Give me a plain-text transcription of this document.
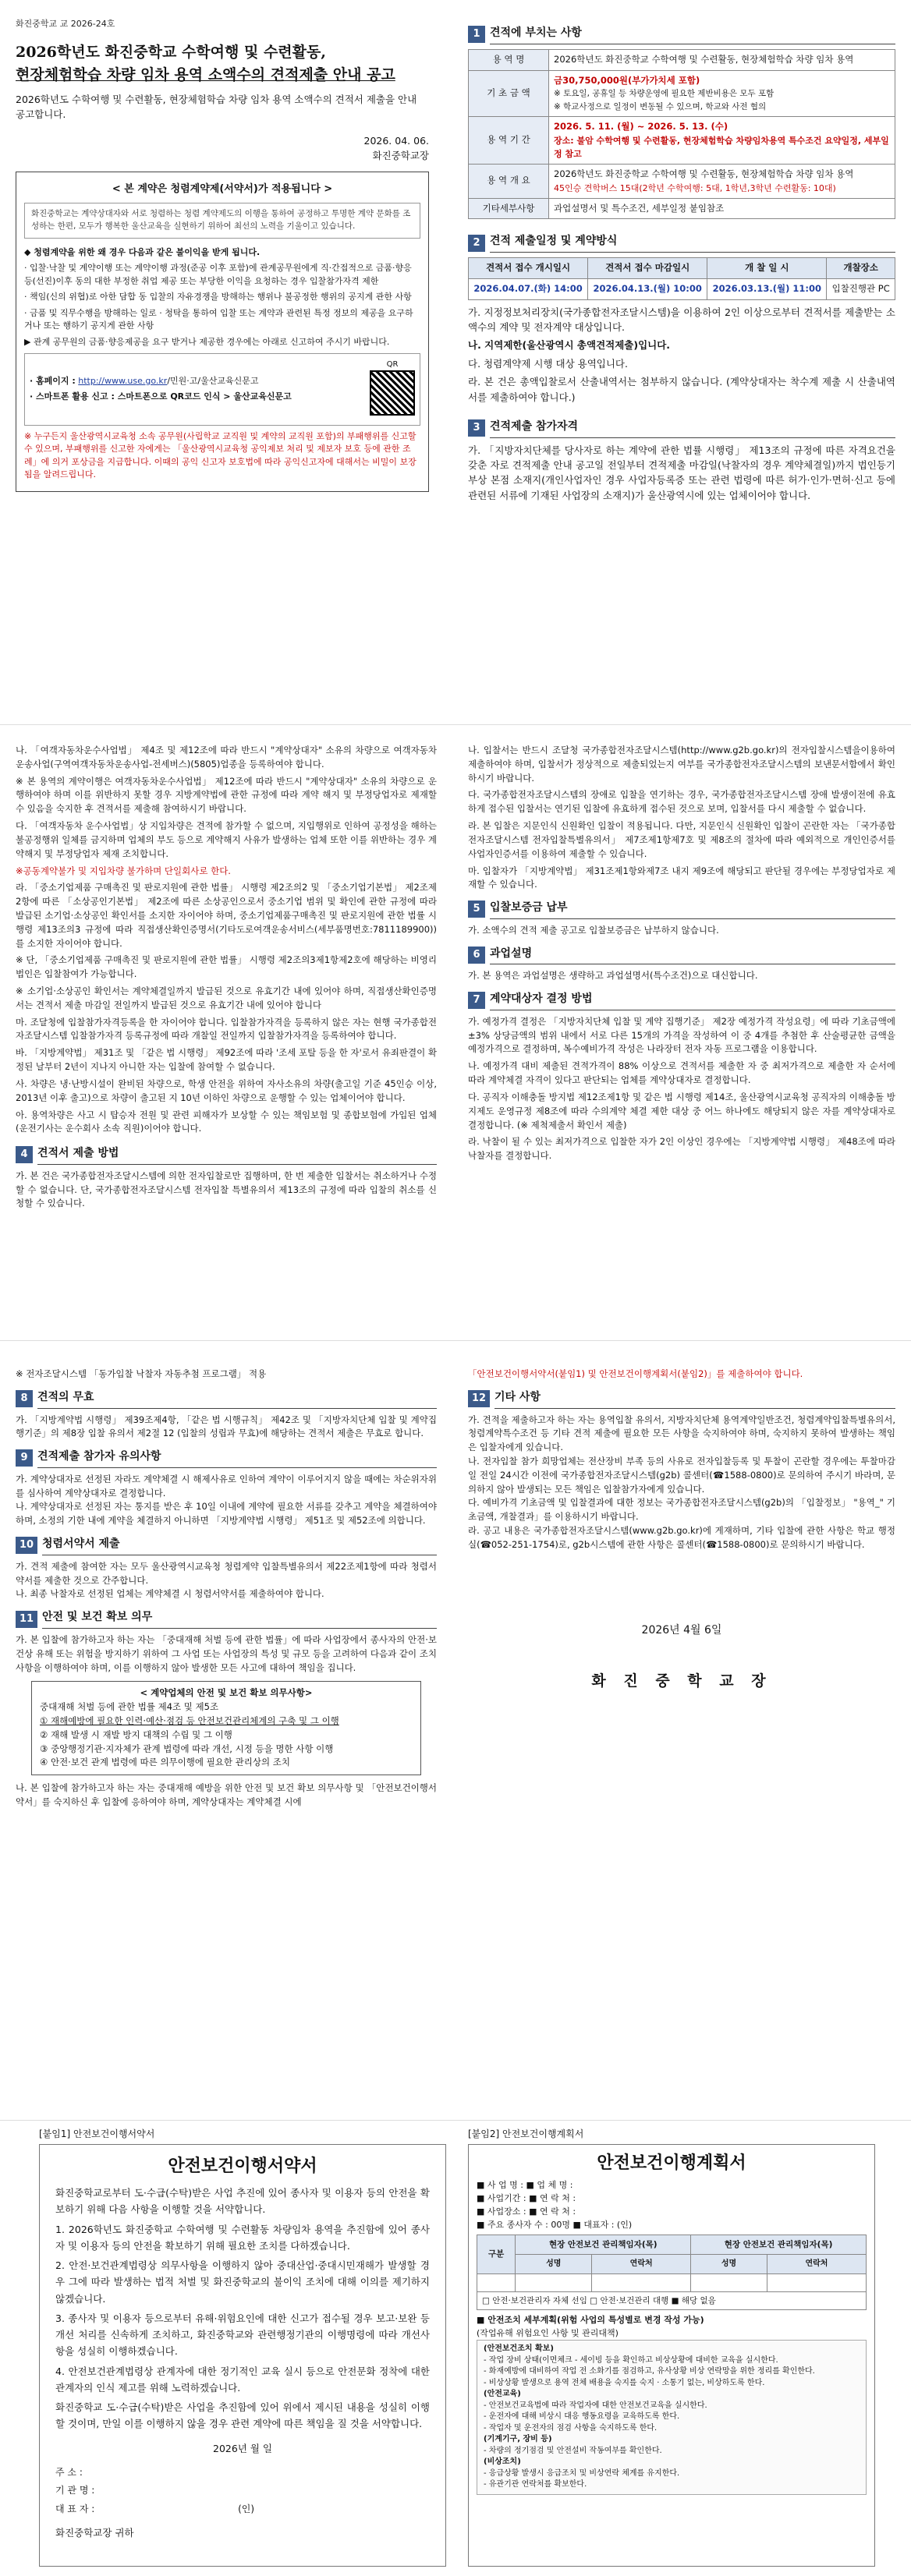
화진중학교 교 2026-24호
2026학년도 화진중학교 수학여행 및 수련활동,
현장체험학습 차량 임차 용역 소액수의 견적제출 안내 공고
2026학년도 수학여행 및 수련활동, 현장체험학습 차량 임차 용역 소액수의 견적서 제출을 안내 공고합니다.
2026. 04. 06.
화진중학교장
< 본 계약은 청렴계약제(서약서)가 적용됩니다 >
화진중학교는 계약상대자와 서로 청렴하는 청렴 계약제도의 이행을 통하여 공정하고 투명한 계약 문화를 조성하는 한편, 모두가 행복한 울산교육을 실현하기 위하여 최선의 노력을 기울이고 있습니다.
◆ 청렴계약을 위한 왜 경우 다음과 같은 불이익을 받게 됩니다.
· 입찰·낙찰 및 계약이행 또는 계약이행 과정(준공 이후 포함)에 관계공무원에게 직·간접적으로 금품·향응 등(선진)이후 동의 대한 부정한 취업 제공 또는 부당한 이익을 요청하는 경우 입찰참가자격 제한
· 책임(신의 위협)로 아한 담합 동 입찰의 자유경쟁을 방해하는 행위나 불공정한 행위의 공지게 관한 사항
· 금품 및 직무수행을 방해하는 일로 · 청탁을 통하여 입찰 또는 계약과 관련된 특정 정보의 제공을 요구하거나 또는 행하기 공지게 관한 사항
▶ 관계 공무원의 금품·향응제공을 요구 받거나 제공한 경우에는 아래로 신고하여 주시기 바랍니다.
· 홈페이지 : http://www.use.go.kr/민원·고/울산교육신문고
· 스마트폰 활용 신고 : 스마트폰으로 QR코드 인식 > 울산교육신문고
QR
※ 누구든지 울산광역시교육청 소속 공무원(사립학교 교직원 및 계약의 교직원 포함)의 부패행위를 신고할 수 있으며, 부패행위를 신고한 자에게는 「울산광역시교육청 공익제보 처리 및 제보자 보호 등에 관한 조례」에 의거 포상금을 지급합니다. 이때의 공익 신고자 보호법에 따라 공익신고자에 대해서는 비밀이 보장됨을 알려드립니다.
1 견적에 부치는 사항
용 역 명	2026학년도 화진중학교 수학여행 및 수련활동, 현장체험학습 차량 임차 용역
기 초 금 액	금30,750,000원(부가가치세 포함)
※ 토요일, 공휴일 등 차량운영에 필요한 제반비용은 모두 포함
※ 학교사정으로 일정이 변동될 수 있으며, 학교와 사전 협의

용 역 기 간	2026. 5. 11. (월) ~ 2026. 5. 13. (수)
장소: 불암 수학여행 및 수련활동, 현장체험학습 차량임차용역 특수조건 요약일정, 세부일정 참고

용 역 개 요	2026학년도 화진중학교 수학여행 및 수련활동, 현장체험학습 차량 임차 용역
45인승 견학버스 15대(2학년 수학여행: 5대, 1학년,3학년 수련활동: 10대)

기타세부사항	과업설명서 및 특수조건, 세부일정 붙임참조
2 견적 제출일정 및 계약방식
견적서 접수 개시일시	견적서 접수 마감일시	개 찰 일 시	개찰장소
2026.04.07.(화) 14:00	2026.04.13.(월) 10:00	2026.03.13.(월) 11:00	입찰진행관 PC
가. 지정정보처리장치(국가종합전자조달시스템)을 이용하여 2인 이상으로부터 견적서를 제출받는 소액수의 계약 및 전자계약 대상입니다.
나. 지역제한(울산광역시 총액견적제출)입니다.
다. 청렴계약제 시행 대상 용역입니다.
라. 본 건은 총액입찰로서 산출내역서는 첨부하지 않습니다. (계약상대자는 착수계 제출 시 산출내역서를 제출하여야 합니다.)
3 견적제출 참가자격
가. 「지방자치단체를 당사자로 하는 계약에 관한 법률 시행령」 제13조의 규정에 따른 자격요건을 갖춘 자로 견적제출 안내 공고일 전일부터 견적제출 마감일(낙찰자의 경우 계약체결일)까지 법인등기부상 본점 소재지(개인사업자인 경우 사업자등록증 또는 관련 법령에 따른 허가·인가·면허·신고 등에 관련된 서류에 기재된 사업장의 소재지)가 울산광역시에 있는 업체이어야 합니다.
나. 「여객자동차운수사업법」 제4조 및 제12조에 따라 반드시 "계약상대자" 소유의 차량으로 여객자동차운송사업(구역여객자동차운송사업-전세버스)(5805)업종을 등록하여야 합니다.
※ 본 용역의 계약이행은 여객자동차운수사업법」 제12조에 따라 반드시 "계약상대자" 소유의 차량으로 운행하여야 하며 이를 위반하지 못할 경우 지방계약법에 관한 규정에 따라 계약 해지 및 부정당업자로 제재할 수 있음을 숙지한 후 견적서를 제출해 참여하시기 바랍니다.
다. 「여객자동차 운수사업법」상 지입차량은 견적에 참가할 수 없으며, 지입행위로 인하여 공정성을 해하는 불공정행위 일체를 금지하며 업체의 부도 등으로 계약해지 사유가 발생하는 업체 또한 이를 위반하는 경우 계약해지 및 부정당업자 제재 조치합니다.
※공동계약불가 및 지입차량 불가하며 단일회사로 한다.
라. 「중소기업제품 구매촉진 및 판로지원에 관한 법률」 시행령 제2조의2 및 「중소기업기본법」 제2조제2항에 따른 「소상공인기본법」 제2조에 따른 소상공인으로서 중소기업 범위 및 확인에 관한 규정에 따라 발급된 소기업·소상공인 확인서를 소지한 자이어야 하며, 중소기업제품구매촉진 및 판로지원에 관한 법률 시행령 제13조의3 규정에 따라 직접생산확인증명서(기타도로여객운송서비스(세부품명번호:7811189900))를 소지한 자이어야 합니다.
※ 단, 「중소기업제품 구매촉진 및 판로지원에 관한 법률」 시행령 제2조의3제1항제2호에 해당하는 비영리법인은 입찰참여가 가능합니다.
※ 소기업·소상공인 확인서는 계약체결일까지 발급된 것으로 유효기간 내에 있어야 하며, 직접생산확인증명서는 견적서 제출 마감일 전일까지 발급된 것으로 유효기간 내에 있어야 합니다
마. 조달청에 입찰참가자격등록을 한 자이어야 합니다. 입찰참가자격을 등록하지 않은 자는 현행 국가종합전자조달시스템 입찰참가자격 등록규정에 따라 개찰일 전일까지 입찰참가자격을 등록하여야 합니다.
바. 「지방계약법」 제31조 및 「같은 법 시행령」 제92조에 따라 '조세 포탈 등을 한 자'로서 유죄판결이 확정된 날부터 2년이 지나지 아니한 자는 입찰에 참여할 수 없습니다.
사. 차량은 냉·난방시설이 완비된 차량으로, 학생 안전을 위하여 자사소유의 차량(출고일 기준 45인승 이상, 2013년 이후 출고)으로 차량이 출고된 지 10년 이하인 차량으로 운행할 수 있는 업체이어야 합니다.
아. 용역차량은 사고 시 탑승자 전원 및 관련 피해자가 보상할 수 있는 책임보험 및 종합보험에 가입된 업체(운전기사는 운수회사 소속 직원)이어야 합니다.
4 견적서 제출 방법
가. 본 건은 국가종합전자조달시스템에 의한 전자입찰로만 집행하며, 한 번 제출한 입찰서는 취소하거나 수정할 수 없습니다. 단, 국가종합전자조달시스템 전자입찰 특별유의서 제13조의 규정에 따라 입찰의 취소를 신청할 수 있습니다.
나. 입찰서는 반드시 조달청 국가종합전자조달시스템(http://www.g2b.go.kr)의 전자입찰시스템을이용하여 제출하여야 하며, 입찰서가 정상적으로 제출되었는지 여부를 국가종합전자조달시스템의 보낸문서함에서 확인하시기 바랍니다.
다. 국가종합전자조달시스템의 장애로 입찰을 연기하는 경우, 국가종합전자조달시스템 장애 발생이전에 유효하게 접수된 입찰서는 연기된 입찰에 유효하게 접수된 것으로 보며, 입찰서를 다시 제출할 수 없습니다.
라. 본 입찰은 지문인식 신원확인 입찰이 적용됩니다. 다만, 지문인식 신원확인 입찰이 곤란한 자는 「국가종합전자조달시스템 전자입찰특별유의서」 제7조제1항제7호 및 제8조의 절차에 따라 예외적으로 개인인증서를 사업자인증서를 이용하여 제출할 수 있습니다.
마. 입찰자가 「지방계약법」 제31조제1항와제7조 내지 제9조에 해당되고 판단될 경우에는 부정당업자로 제재할 수 있습니다.
5 입찰보증금 납부
가. 소액수의 견적 제출 공고로 입찰보증금은 납부하지 않습니다.
6 과업설명
가. 본 용역은 과업설명은 생략하고 과업설명서(특수조건)으로 대신합니다.
7 계약대상자 결정 방법
가. 예정가격 결정은 「지방자치단체 입찰 및 계약 집행기준」 제2장 예정가격 작성요령」에 따라 기초금액에 ±3% 상당금액의 범위 내에서 서로 다른 15개의 가격을 작성하여 이 중 4개를 추첨한 후 산술평균한 금액을 예정가격으로 결정하며, 복수예비가격 작성은 나라장터 전자 자동 프로그램을 이용합니다.
나. 예정가격 대비 제출된 견적가격이 88% 이상으로 견적서를 제출한 자 중 최저가격으로 제출한 자 순서에 따라 계약체결 자격이 있다고 판단되는 업체를 계약상대자로 결정합니다.
다. 공직자 이해충돌 방지법 제12조제1항 및 같은 법 시행령 제14조, 울산광역시교육청 공직자의 이해충돌 방지제도 운영규정 제8조에 따라 수의계약 체결 제한 대상 중 어느 하나에도 해당되지 않은 자를 계약상대자로 결정합니다. (※ 제척제출서 확인서 제출)
라. 낙찰이 될 수 있는 최저가격으로 입찰한 자가 2인 이상인 경우에는 「지방계약법 시행령」 제48조에 따라 낙찰자를 결정합니다.
※ 전자조달시스템 「동가입찰 낙찰자 자동추첨 프로그램」 적용
8 견적의 무효
가. 「지방계약법 시행령」 제39조제4항, 「같은 법 시행규칙」 제42조 및 「지방자치단체 입찰 및 계약집행기준」의 제8장 입찰 유의서 제2절 12 (입찰의 성립과 무효)에 해당하는 견적서 제출은 무효로 합니다.
9 견적제출 참가자 유의사항
가. 계약상대자로 선정된 자라도 계약체결 시 해제사유로 인하여 계약이 이루어지지 않을 때에는 차순위자위를 심사하여 계약상대자로 결정합니다.
나. 계약상대자로 선정된 자는 통지를 받은 후 10일 이내에 계약에 필요한 서류를 갖추고 계약을 체결하여야 하며, 소정의 기한 내에 계약을 체결하지 아니하면 「지방계약법 시행령」 제51조 및 제52조에 의합니다.
10 청렴서약서 제출
가. 견적 제출에 참여한 자는 모두 울산광역시교육청 청렴계약 입찰특별유의서 제22조제1항에 따라 청렴서약서를 제출한 것으로 간주합니다.
나. 최종 낙찰자로 선정된 업체는 계약체결 시 청렴서약서를 제출하여야 합니다.
11 안전 및 보건 확보 의무
가. 본 입찰에 참가하고자 하는 자는 「중대재해 처벌 등에 관한 법률」에 따라 사업장에서 종사자의 안전·보건상 유해 또는 위험을 방지하기 위하여 그 사업 또는 사업장의 특성 및 규모 등을 고려하여 다음과 같이 조치사항을 이행하여야 하며, 이를 이행하지 않아 발생한 모든 사고에 대하여 책임을 집니다.
< 계약업체의 안전 및 보건 확보 의무사항>
중대재해 처벌 등에 관한 법률 제4조 및 제5조
① 재해예방에 필요한 인력·예산·점검 등 안전보건관리체계의 구축 및 그 이행
② 재해 발생 시 재발 방지 대책의 수립 및 그 이행
③ 중앙행정기관·지자체가 관계 법령에 따라 개선, 시정 등을 명한 사항 이행
④ 안전·보건 관계 법령에 따른 의무이행에 필요한 관리상의 조치
나. 본 입찰에 참가하고자 하는 자는 중대재해 예방을 위한 안전 및 보건 확보 의무사항 및 「안전보건이행서약서」를 숙지하신 후 입찰에 응하여야 하며, 계약상대자는 계약체결 시에
「안전보건이행서약서(붙임1) 및 안전보건이행계획서(붙임2)」를 제출하여야 합니다.
12 기타 사항
가. 견적을 제출하고자 하는 자는 용역입찰 유의서, 지방자치단체 용역계약일반조건, 청렴계약입찰특별유의서, 청렴계약특수조건 등 기타 견적 제출에 필요한 모든 사항을 숙지하여야 하며, 숙지하지 못하여 발생하는 책임은 입찰자에게 있습니다.
나. 전자입찰 참가 희망업체는 전산장비 부족 등의 사유로 전자입찰등록 및 투찰이 곤란할 경우에는 투찰마감일 전일 24시간 이전에 국가종합전자조달시스템(g2b) 콜센터(☎1588-0800)로 문의하여 주시기 바라며, 문의하지 않아 발생되는 모든 책임은 입찰참가자에게 있습니다.
다. 예비가격 기초금액 및 입찰결과에 대한 정보는 국가종합전자조달시스템(g2b)의 「입찰정보」 "용역_" 기초금액, 개찰결과」를 이용하시기 바랍니다.
라. 공고 내용은 국가종합전자조달시스템(www.g2b.go.kr)에 게재하며, 기타 입찰에 관한 사항은 학교 행정실(☎052-251-1754)로, g2b시스템에 관한 사항은 콜센터(☎1588-0800)로 문의하시기 바랍니다.
2026년 4월 6일
화 진 중 학 교 장
[붙임1] 안전보건이행서약서
안전보건이행서약서
화진중학교로부터 도·수급(수탁)받은 사업 추진에 있어 종사자 및 이용자 등의 안전을 확보하기 위해 다음 사항을 이행할 것을 서약합니다.
1. 2026학년도 화진중학교 수학여행 및 수련활동 차량임차 용역을 추진함에 있어 종사자 및 이용자 등의 안전을 확보하기 위해 필요한 조치를 다하겠습니다.
2. 안전·보건관계법령상 의무사항을 이행하지 않아 중대산업·중대시민재해가 발생할 경우 그에 따라 발생하는 법적 처벌 및 화진중학교의 불이익 조치에 대해 이의를 제기하지 않겠습니다.
3. 종사자 및 이용자 등으로부터 유해·위험요인에 대한 신고가 접수될 경우 보고·보완 등 개선 처리를 신속하게 조치하고, 화진중학교와 관련행정기관의 이행명령에 따라 개선사항을 성실히 이행하겠습니다.
4. 안전보건관계법령상 관계자에 대한 정기적인 교육 실시 등으로 안전문화 정착에 대한 관계자의 인식 제고를 위해 노력하겠습니다.
화진중학교 도·수급(수탁)받은 사업을 추진함에 있어 위에서 제시된 내용을 성실히 이행할 것이며, 만일 이를 이행하지 않을 경우 관련 계약에 따른 책임을 질 것을 서약합니다.
2026년 월 일
주 소 :
기 관 명 :
대 표 자 :	(인)
화진중학교장 귀하
[붙임2] 안전보건이행계획서
안전보건이행계획서
■ 사 업 명 : ■ 업 체 명 :
■ 사업기간 : ■ 연 락 처 :
■ 사업장소 : ■ 연 락 처 :
■ 주요 종사자 수 : 00명 ■ 대표자 : (인)
구분	현장 안전보건 관리책임자(목)		현장 안전보건 관리책임자(목)	
	성명	연락처	성명	연락처

□ 안전·보건관리자 자체 선임 □ 안전·보건관리 대행 ■ 해당 없음
■ 안전조치 세부계획(위험 사업의 특성별로 변경 작성 가능)
(작업유해 위험요인 사항 및 관리대책)
(안전보건조치 확보)
- 작업 장비 상태(이면체크 - 세이빙 등을 확인하고 비상상황에 대비한 교육을 실시한다.
- 화재예방에 대비하여 작업 전 소화기를 점검하고, 유사상황 비상 연락망을 위한 정리를 확인한다.
- 비상상황 발생으로 용역 전체 배용을 숙지를 숙지 · 소통기 없는, 비상하도록 한다.
(안전교육)
- 안전보건교육법에 따라 작업자에 대한 안전보건교육을 실시한다.
- 운전자에 대해 비상시 대응 행동요령을 교육하도록 한다.
- 작업자 및 운전자의 점검 사항을 숙지하도록 한다.
(기계기구, 장비 등)
- 차량의 정기점검 및 안전설비 작동여부를 확인한다.
(비상조치)
- 응급상황 발생시 응급조치 및 비상연락 체계를 유지한다.
- 유관기관 연락처를 확보한다.
